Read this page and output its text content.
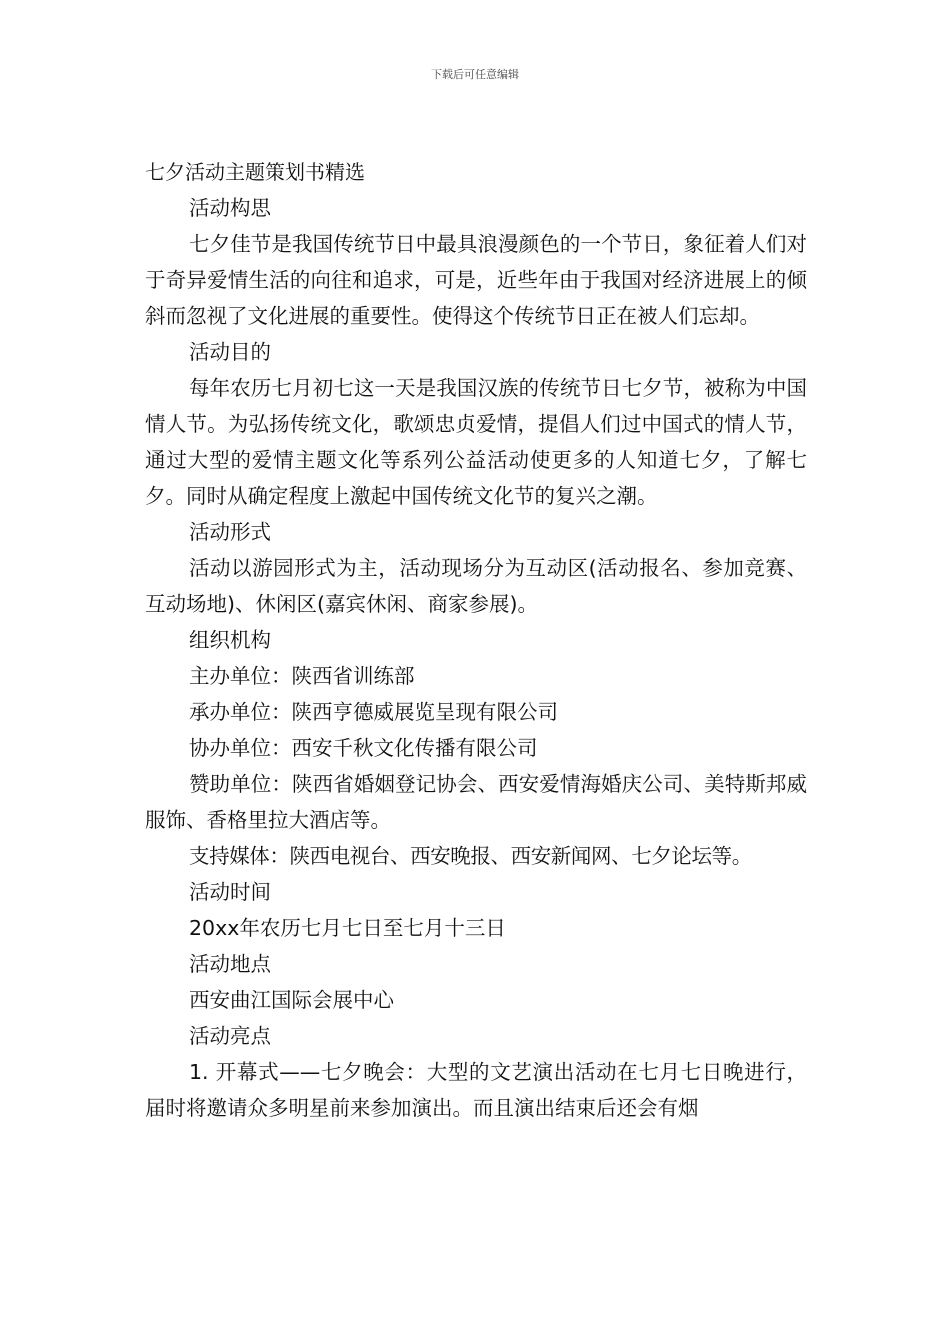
下载后可任意编辑

七夕活动主题策划书精选

活动构思

七夕佳节是我国传统节日中最具浪漫颜色的一个节日，象征着人们对于奇异爱情生活的向往和追求，可是，近些年由于我国对经济进展上的倾斜而忽视了文化进展的重要性。使得这个传统节日正在被人们忘却。

活动目的

每年农历七月初七这一天是我国汉族的传统节日七夕节，被称为中国情人节。为弘扬传统文化，歌颂忠贞爱情，提倡人们过中国式的情人节，通过大型的爱情主题文化等系列公益活动使更多的人知道七夕，了解七夕。同时从确定程度上激起中国传统文化节的复兴之潮。

活动形式

活动以游园形式为主，活动现场分为互动区(活动报名、参加竞赛、互动场地)、休闲区(嘉宾休闲、商家参展)。

组织机构

主办单位：陕西省训练部

承办单位：陕西亨德威展览呈现有限公司

协办单位：西安千秋文化传播有限公司

赞助单位：陕西省婚姻登记协会、西安爱情海婚庆公司、美特斯邦威服饰、香格里拉大酒店等。

支持媒体：陕西电视台、西安晚报、西安新闻网、七夕论坛等。

活动时间

20xx年农历七月七日至七月十三日

活动地点

西安曲江国际会展中心

活动亮点

1. 开幕式——七夕晚会：大型的文艺演出活动在七月七日晚进行，届时将邀请众多明星前来参加演出。而且演出结束后还会有烟
